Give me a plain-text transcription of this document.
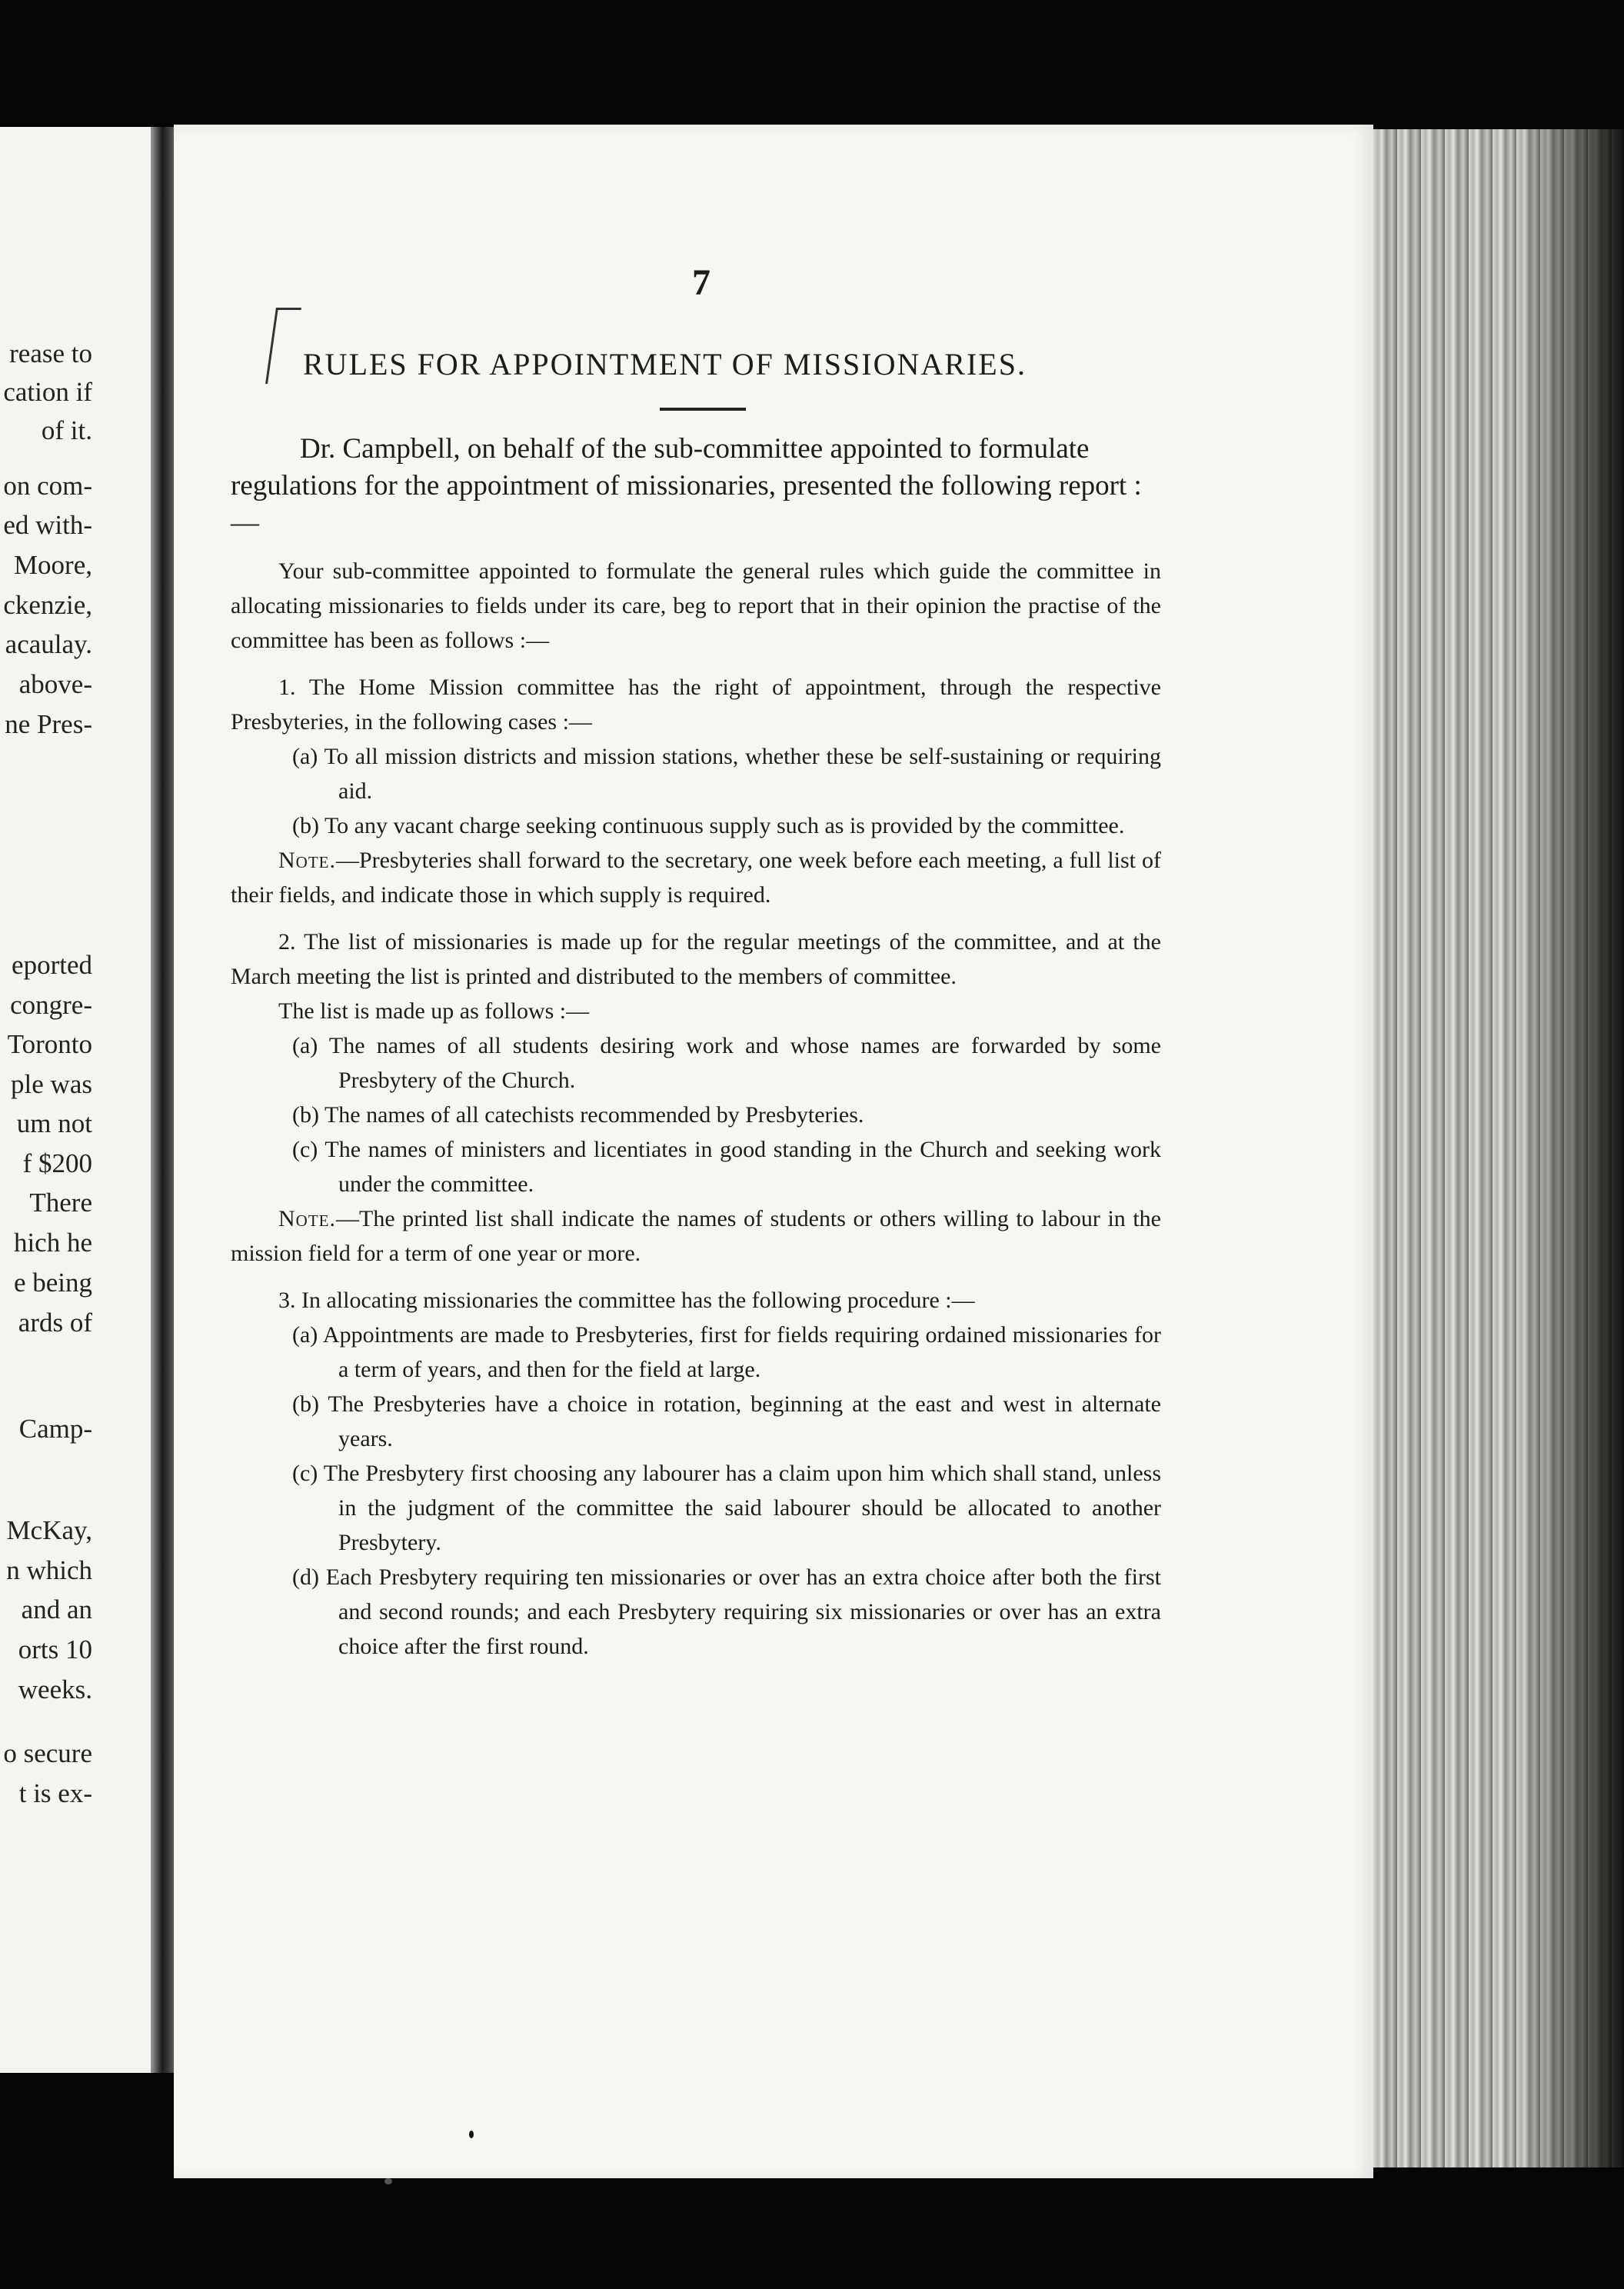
rease to
cation if
of it.
on com-
ed with-
Moore,
ckenzie,
acaulay.
above-
ne Pres-
eported
congre-
Toronto
ple was
um not
f $200
There
hich he
e being
ards of
Camp-
McKay,
n which
and an
orts 10
weeks.
o secure
t is ex-
7
RULES FOR APPOINTMENT OF MISSIONARIES.
Dr. Campbell, on behalf of the sub-committee appointed to formulate regulations for the appointment of missionaries, presented the following report :—
Your sub-committee appointed to formulate the general rules which guide the committee in allocating missionaries to fields under its care, beg to report that in their opinion the practise of the committee has been as follows :—
1. The Home Mission committee has the right of appointment, through the respective Presbyteries, in the following cases :—
(a) To all mission districts and mission stations, whether these be self-sustaining or requiring aid.
(b) To any vacant charge seeking continuous supply such as is provided by the committee.
Note.—Presbyteries shall forward to the secretary, one week before each meeting, a full list of their fields, and indicate those in which supply is required.
2. The list of missionaries is made up for the regular meetings of the committee, and at the March meeting the list is printed and distributed to the members of committee.
The list is made up as follows :—
(a) The names of all students desiring work and whose names are forwarded by some Presbytery of the Church.
(b) The names of all catechists recommended by Presbyteries.
(c) The names of ministers and licentiates in good standing in the Church and seeking work under the committee.
Note.—The printed list shall indicate the names of students or others willing to labour in the mission field for a term of one year or more.
3. In allocating missionaries the committee has the following procedure :—
(a) Appointments are made to Presbyteries, first for fields requiring ordained missionaries for a term of years, and then for the field at large.
(b) The Presbyteries have a choice in rotation, beginning at the east and west in alternate years.
(c) The Presbytery first choosing any labourer has a claim upon him which shall stand, unless in the judgment of the committee the said labourer should be allocated to another Presbytery.
(d) Each Presbytery requiring ten missionaries or over has an extra choice after both the first and second rounds; and each Presbytery requiring six missionaries or over has an extra choice after the first round.
